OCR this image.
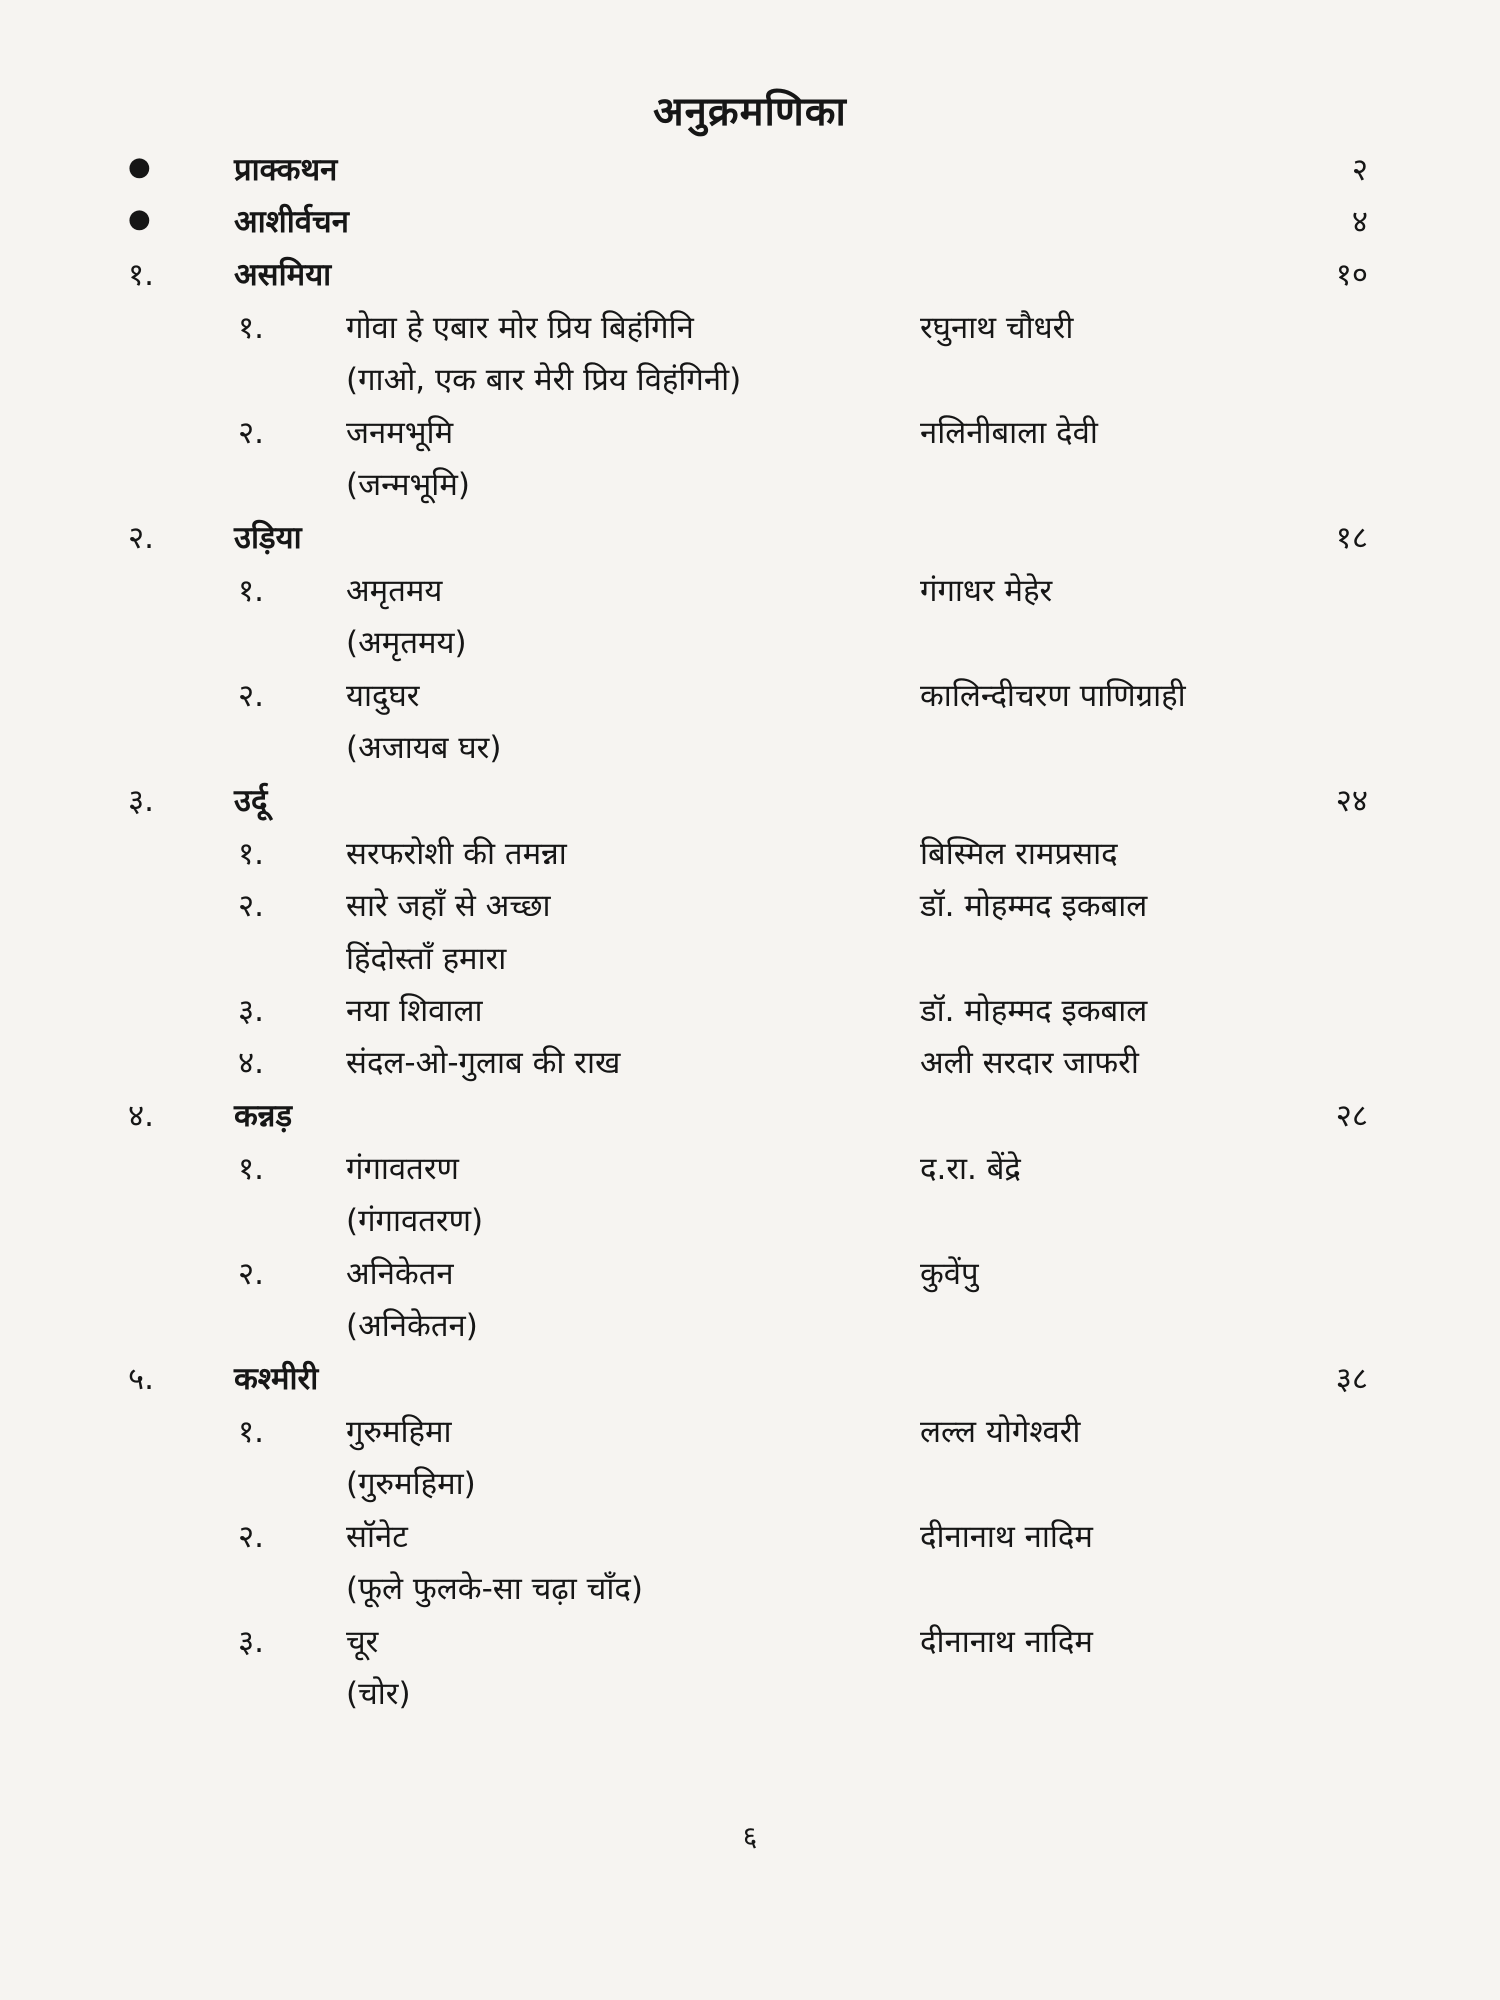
अनुक्रमणिका
●	प्राक्कथन	२
●	आशीर्वचन	४
१.	असमिया	१०
१.	गोवा हे एबार मोर प्रिय बिहंगिनि	रघुनाथ चौधरी
(गाओ, एक बार मेरी प्रिय विहंगिनी)
२.	जनमभूमि	नलिनीबाला देवी
(जन्मभूमि)
२.	उड़िया	१८
१.	अमृतमय	गंगाधर मेहेर
(अमृतमय)
२.	यादुघर	कालिन्दीचरण पाणिग्राही
(अजायब घर)
३.	उर्दू	२४
१.	सरफरोशी की तमन्ना	बिस्मिल रामप्रसाद
२.	सारे जहाँ से अच्छा	डॉ. मोहम्मद इकबाल
हिंदोस्ताँ हमारा
३.	नया शिवाला	डॉ. मोहम्मद इकबाल
४.	संदल-ओ-गुलाब की राख	अली सरदार जाफरी
४.	कन्नड़	२८
१.	गंगावतरण	द.रा. बेंद्रे
(गंगावतरण)
२.	अनिकेतन	कुवेंपु
(अनिकेतन)
५.	कश्मीरी	३८
१.	गुरुमहिमा	लल्ल योगेश्वरी
(गुरुमहिमा)
२.	सॉनेट	दीनानाथ नादिम
(फूले फुलके-सा चढ़ा चाँद)
३.	चूर	दीनानाथ नादिम
(चोर)
६
